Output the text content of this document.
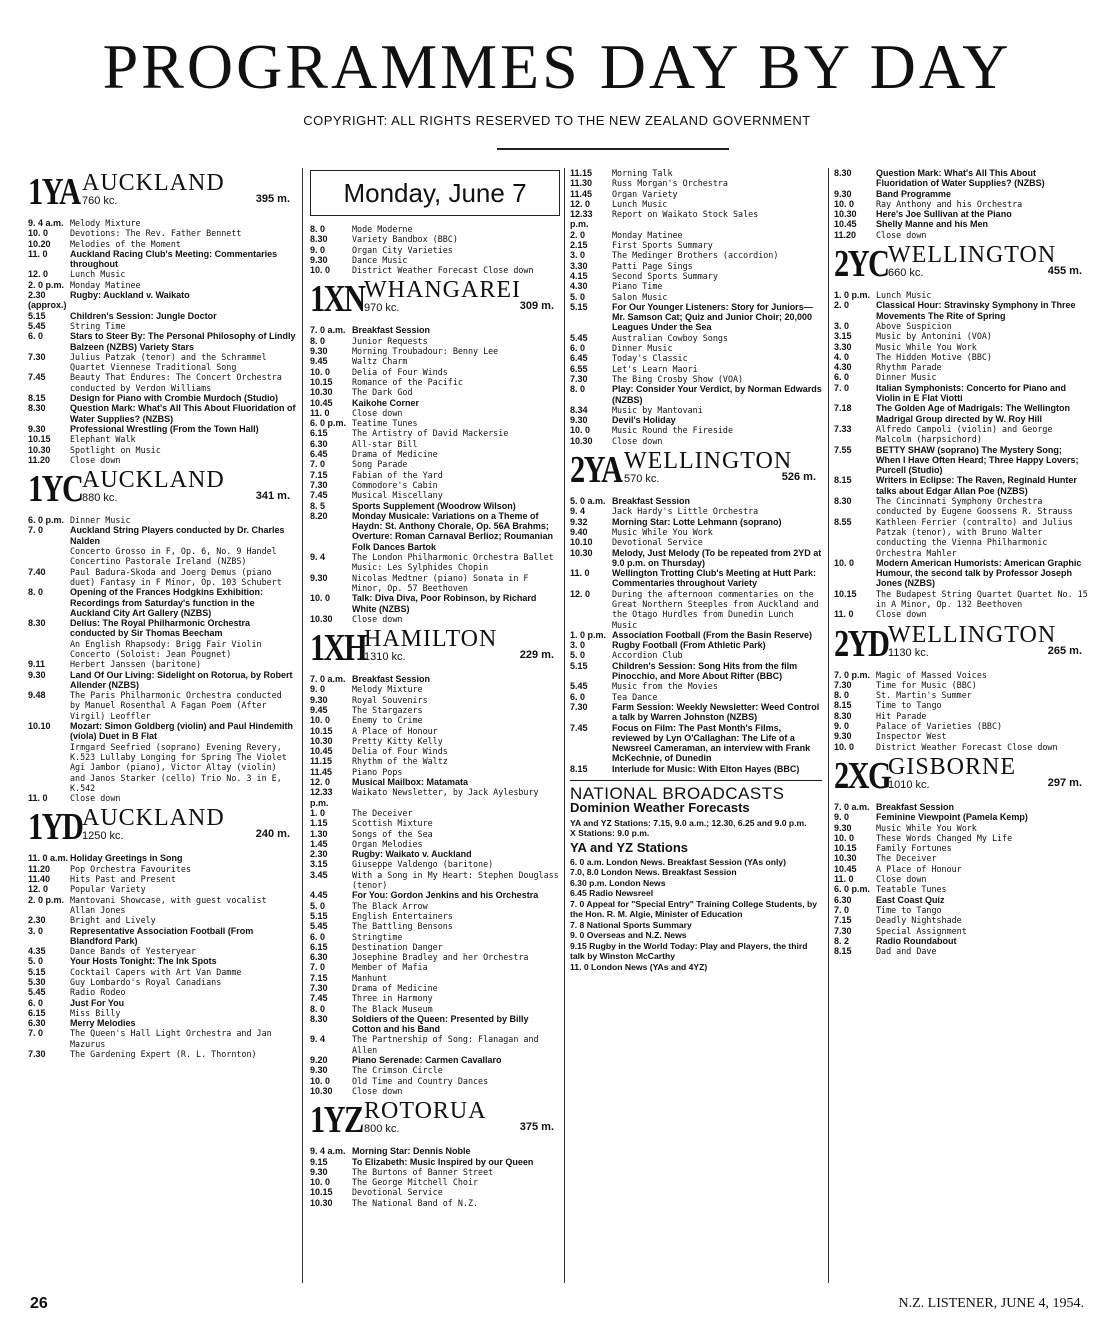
PROGRAMMES DAY BY DAY
COPYRIGHT: ALL RIGHTS RESERVED TO THE NEW ZEALAND GOVERNMENT
1YA AUCKLAND
760 kc.	395 m.
9. 4 a.m. Melody Mixture
10. 0	Devotions: The Rev. Father Bennett
10.20	Melodies of the Moment
11. 0	Auckland Racing Club's Meeting: Commentaries throughout
12. 0	Lunch Music
2. 0 p.m. Monday Matinee
2.30 (approx.)
Rugby: Auckland v. Waikato
5.15	Children's Session: Jungle Doctor
5.45	String Time
6. 0	Stars to Steer By: The Personal Philosophy of Lindly Balzeen (NZBS) Variety Stars
7.30	Julius Patzak (tenor) and the Schrammel Quartet Viennese Traditional Song
7.45	Beauty That Endures: The Concert Orchestra conducted by Verdon Williams
8.15	Design for Piano with Crombie Murdoch (Studio)
8.30	Question Mark: What's All This About Fluoridation of Water Supplies? (NZBS)
9.30	Professional Wrestling (From the Town Hall)
10.15	Elephant Walk
10.30	Spotlight on Music
11.20	Close down
1YC AUCKLAND
880 kc.	341 m.
6. 0 p.m. Dinner Music
7. 0	Auckland String Players conducted by Dr. Charles Nalden
Concerto Grosso in F, Op. 6, No. 9 Handel
Concertino Pastorale Ireland (NZBS)
7.40	Paul Badura-Skoda and Joerg Demus (piano duet) Fantasy in F Minor, Op. 103 Schubert
8. 0	Opening of the Frances Hodgkins Exhibition: Recordings from Saturday's function in the Auckland City Art Gallery (NZBS)
8.30	Delius: The Royal Philharmonic Orchestra conducted by Sir Thomas Beecham
An English Rhapsody: Brigg Fair Violin Concerto (Soloist: Jean Pougnet)
9.11	Herbert Janssen (baritone)
9.30	Land Of Our Living: Sidelight on Rotorua, by Robert Allender (NZBS)
9.48	The Paris Philharmonic Orchestra conducted by Manuel Rosenthal A Fagan Poem (After Virgil) Leoffler
10.10	Mozart: Simon Goldberg (violin) and Paul Hindemith (viola) Duet in B Flat
Irmgard Seefried (soprano) Evening Revery, K.523 Lullaby Longing for Spring The Violet
Agi Jambor (piano), Victor Altay (violin) and Janos Starker (cello) Trio No. 3 in E, K.542
11. 0	Close down
1YD AUCKLAND
1250 kc.	240 m.
11. 0 a.m. Holiday Greetings in Song
11.20	Pop Orchestra Favourites
11.40	Hits Past and Present
12. 0	Popular Variety
2. 0 p.m. Mantovani Showcase, with guest vocalist Allan Jones
2.30	Bright and Lively
3. 0	Representative Association Football (From Blandford Park)
4.35	Dance Bands of Yesteryear
5. 0	Your Hosts Tonight: The Ink Spots
5.15	Cocktail Capers with Art Van Damme
5.30	Guy Lombardo's Royal Canadians
5.45	Radio Rodeo
6. 0	Just For You
6.15	Miss Billy
6.30	Merry Melodies
7. 0	The Queen's Hall Light Orchestra and Jan Mazurus
7.30	The Gardening Expert (R. L. Thornton)
Monday, June 7
8. 0	Mode Moderne
8.30	Variety Bandbox (BBC)
9. 0	Organ City Varieties
9.30	Dance Music
10. 0	District Weather Forecast Close down
1XN WHANGAREI
970 kc.	309 m.
7. 0 a.m. Breakfast Session
8. 0	Junior Requests
9.30	Morning Troubadour: Benny Lee
9.45	Waltz Charm
10. 0	Delia of Four Winds
10.15	Romance of the Pacific
10.30	The Dark God
10.45	Kaikohe Corner
11. 0	Close down
6. 0 p.m. Teatime Tunes
6.15	The Artistry of David Mackersie
6.30	All-star Bill
6.45	Drama of Medicine
7. 0	Song Parade
7.15	Fabian of the Yard
7.30	Commodore's Cabin
7.45	Musical Miscellany
8. 5	Sports Supplement (Woodrow Wilson)
8.20	Monday Musicale: Variations on a Theme of Haydn: St. Anthony Chorale, Op. 56A Brahms; Overture: Roman Carnaval Berlioz; Roumanian Folk Dances Bartok
9. 4	The London Philharmonic Orchestra Ballet Music: Les Sylphides Chopin
9.30	Nicolas Medtner (piano) Sonata in F Minor, Op. 57 Beethoven
10. 0	Talk: Diva Diva, Poor Robinson, by Richard White (NZBS)
10.30	Close down
1XH
HAMILTON
1310 kc.	229 m.
7. 0 a.m. Breakfast Session
9. 0	Melody Mixture
9.30	Royal Souvenirs
9.45	The Stargazers
10. 0	Enemy to Crime
10.15	A Place of Honour
10.30	Pretty Kitty Kelly
10.45	Delia of Four Winds
11.15	Rhythm of the Waltz
11.45	Piano Pops
12. 0	Musical Mailbox: Matamata
12.33 p.m.
Waikato Newsletter, by Jack Aylesbury
1. 0	The Deceiver
1.15	Scottish Mixture
1.30	Songs of the Sea
1.45	Organ Melodies
2.30	Rugby: Waikato v. Auckland
3.15	Giuseppe Valdengo (baritone)
3.45	With a Song in My Heart: Stephen Douglass (tenor)
4.45	For You: Gordon Jenkins and his Orchestra
5. 0	The Black Arrow
5.15	English Entertainers
5.45	The Battling Bensons
6. 0	Stringtime
6.15	Destination Danger
6.30	Josephine Bradley and her Orchestra
7. 0	Member of Mafia
7.15	Manhunt
7.30	Drama of Medicine
7.45	Three in Harmony
8. 0	The Black Museum
8.30	Soldiers of the Queen: Presented by Billy Cotton and his Band
9. 4	The Partnership of Song: Flanagan and Allen
9.20	Piano Serenade: Carmen Cavallaro
9.30	The Crimson Circle
10. 0	Old Time and Country Dances
10.30	Close down
1YZ ROTORUA
800 kc.	375 m.
9. 4 a.m. Morning Star: Dennis Noble
9.15	To Elizabeth: Music Inspired by our Queen
9.30	The Burtons of Banner Street
10. 0	The George Mitchell Choir
10.15	Devotional Service
10.30	The National Band of N.Z.
11.15	Morning Talk
11.30	Russ Morgan's Orchestra
11.45	Organ Variety
12. 0	Lunch Music
12.33 p.m.
Report on Waikato Stock Sales
2. 0	Monday Matinee
2.15	First Sports Summary
3. 0	The Medinger Brothers (accordion)
3.30	Patti Page Sings
4.15	Second Sports Summary
4.30	Piano Time
5. 0	Salon Music
5.15	For Our Younger Listeners: Story for Juniors—Mr. Samson Cat; Quiz and Junior Choir; 20,000 Leagues Under the Sea
5.45	Australian Cowboy Songs
6. 0	Dinner Music
6.45	Today's Classic
6.55	Let's Learn Maori
7.30	The Bing Crosby Show (VOA)
8. 0	Play: Consider Your Verdict, by Norman Edwards (NZBS)
8.34	Music by Mantovani
9.30	Devil's Holiday
10. 0	Music Round the Fireside
10.30	Close down
2YA WELLINGTON
570 kc.	526 m.
5. 0 a.m. Breakfast Session
9. 4	Jack Hardy's Little Orchestra
9.32	Morning Star: Lotte Lehmann (soprano)
9.40	Music While You Work
10.10	Devotional Service
10.30	Melody, Just Melody (To be repeated from 2YD at 9.0 p.m. on Thursday)
11. 0	Wellington Trotting Club's Meeting at Hutt Park: Commentaries throughout Variety
12. 0	During the afternoon commentaries on the Great Northern Steeples from Auckland and the Otago Hurdles from Dunedin Lunch Music
1. 0 p.m. Association Football (From the Basin Reserve)
3. 0	Rugby Football (From Athletic Park)
5. 0	Accordion Club
5.15	Children's Session: Song Hits from the film Pinocchio, and More About Rifter (BBC)
5.45	Music from the Movies
6. 0	Tea Dance
7.30	Farm Session: Weekly Newsletter: Weed Control a talk by Warren Johnston (NZBS)
7.45	Focus on Film: The Past Month's Films, reviewed by Lyn O'Callaghan: The Life of a Newsreel Cameraman, an interview with Frank McKechnie, of Dunedin
8.15	Interlude for Music: With Elton Hayes (BBC)
NATIONAL BROADCASTS
Dominion Weather Forecasts
YA and YZ Stations: 7.15, 9.0 a.m.; 12.30, 6.25 and 9.0 p.m.
X Stations: 9.0 p.m.
YA and YZ Stations
6. 0 a.m. London News. Breakfast Session (YAs only)
7.0, 8.0 London News. Breakfast Session
6.30 p.m. London News
6.45 Radio Newsreel
7. 0 Appeal for "Special Entry" Training College Students, by the Hon. R. M. Algie, Minister of Education
7. 8 National Sports Summary
9. 0 Overseas and N.Z. News
9.15 Rugby in the World Today: Play and Players, the third talk by Winston McCarthy
11. 0 London News (YAs and 4YZ)
8.30	Question Mark: What's All This About Fluoridation of Water Supplies? (NZBS)
9.30	Band Programme
10. 0	Ray Anthony and his Orchestra
10.30	Here's Joe Sullivan at the Piano
10.45	Shelly Manne and his Men
11.20	Close down
2YC WELLINGTON
660 kc.	455 m.
1. 0 p.m. Lunch Music
2. 0	Classical Hour: Stravinsky Symphony in Three Movements The Rite of Spring
3. 0	Above Suspicion
3.15	Music by Antonini (VOA)
3.30	Music While You Work
4. 0	The Hidden Motive (BBC)
4.30	Rhythm Parade
6. 0	Dinner Music
7. 0	Italian Symphonists: Concerto for Piano and Violin in E Flat Viotti
7.18	The Golden Age of Madrigals: The Wellington Madrigal Group directed by W. Roy Hill
7.33	Alfredo Campoli (violin) and George Malcolm (harpsichord)
7.55	BETTY SHAW (soprano) The Mystery Song; When I Have Often Heard; Three Happy Lovers; Purcell (Studio)
8.15	Writers in Eclipse: The Raven, Reginald Hunter talks about Edgar Allan Poe (NZBS)
8.30	The Cincinnati Symphony Orchestra conducted by Eugene Goossens R. Strauss
8.55	Kathleen Ferrier (contralto) and Julius Patzak (tenor), with Bruno Walter conducting the Vienna Philharmonic Orchestra Mahler
10. 0	Modern American Humorists: American Graphic Humour, the second talk by Professor Joseph Jones (NZBS)
10.15	The Budapest String Quartet Quartet No. 15 in A Minor, Op. 132 Beethoven
11. 0	Close down
2YD WELLINGTON
1130 kc.	265 m.
7. 0 p.m. Magic of Massed Voices
7.30	Time for Music (BBC)
8. 0	St. Martin's Summer
8.15	Time to Tango
8.30	Hit Parade
9. 0	Palace of Varieties (BBC)
9.30	Inspector West
10. 0	District Weather Forecast Close down
2XG
GISBORNE
1010 kc.	297 m.
7. 0 a.m. Breakfast Session
9. 0	Feminine Viewpoint (Pamela Kemp)
9.30	Music While You Work
10. 0	These Words Changed My Life
10.15	Family Fortunes
10.30	The Deceiver
10.45	A Place of Honour
11. 0	Close down
6. 0 p.m. Teatable Tunes
6.30	East Coast Quiz
7. 0	Time to Tango
7.15	Deadly Nightshade
7.30	Special Assignment
8. 2	Radio Roundabout
8.15	Dad and Dave
26	N.Z. LISTENER, JUNE 4, 1954.
